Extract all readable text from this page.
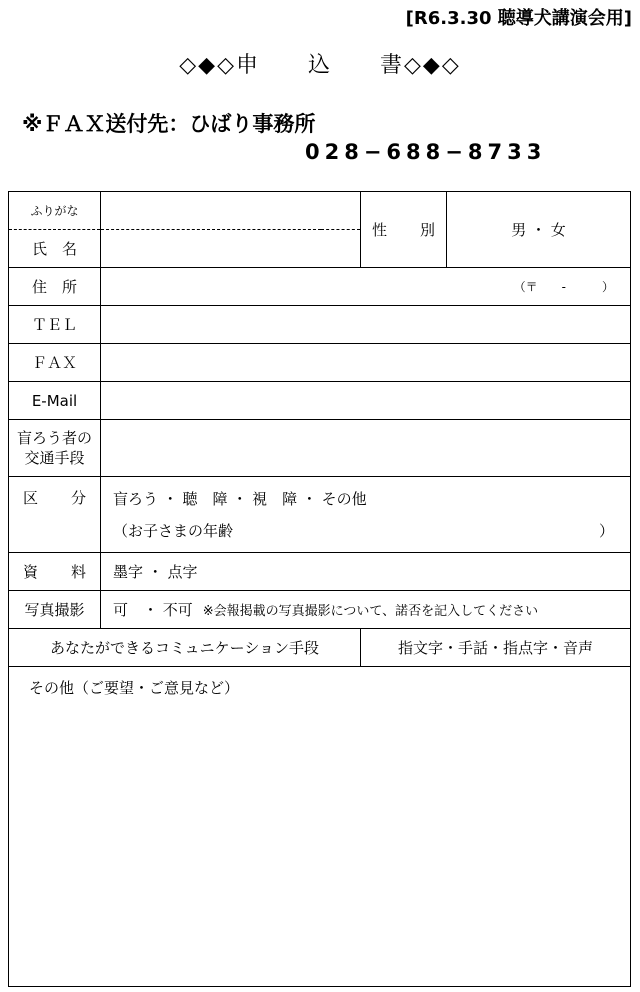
[R6.3.30 聴導犬講演会用]
◇◆◇申　　込　　書◇◆◇
※ＦＡＸ送付先：ひばり事務所
028−688−8733
ふりがな		性　別	男 ・ 女
氏　名			
住　所	（〒　　-　　　）		
ＴＥＬ			
ＦＡＸ			
E-Mail			
盲ろう者の
交通手段			
区　分	盲ろう ・ 聴　障 ・ 視　障 ・ その他
（お子さまの年齢 ）		

資　料	墨字 ・ 点字		
写真撮影	可　・ 不可 ※会報掲載の写真撮影について、諾否を記入してください		
あなたができるコミュニケーション手段		指文字・手話・指点字・音声	
その他（ご要望・ご意見など）			
